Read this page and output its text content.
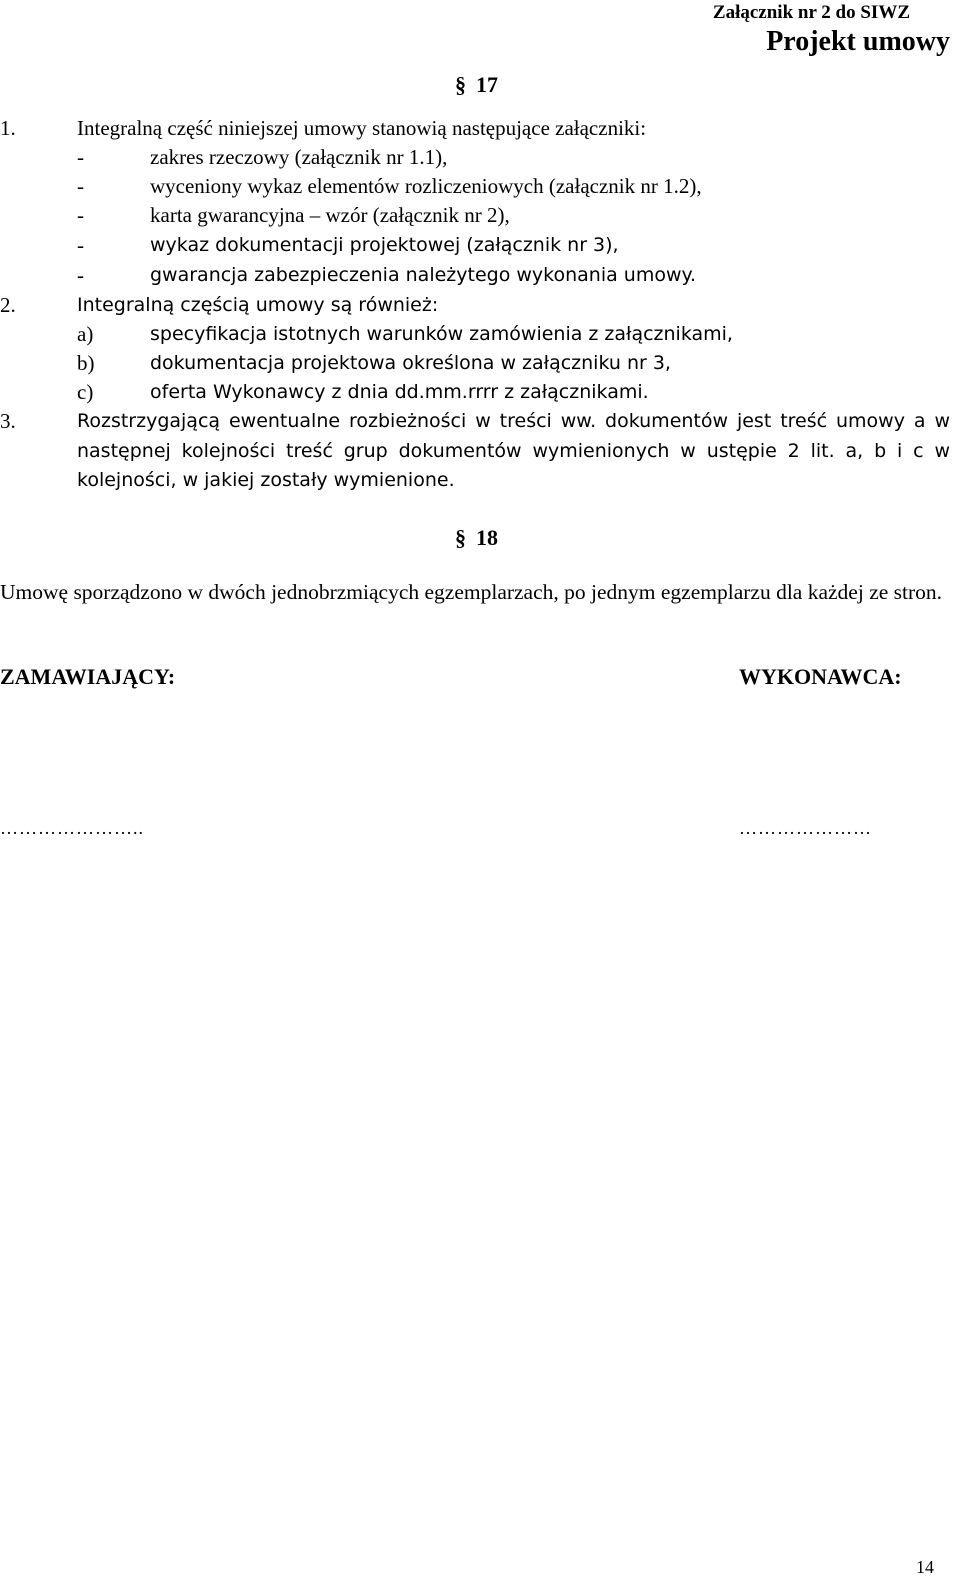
Załącznik nr 2 do SIWZ
Projekt umowy
§ 17
1.	Integralną część niniejszej umowy stanowią następujące załączniki:
-	zakres rzeczowy (załącznik nr 1.1),
-	wyceniony wykaz elementów rozliczeniowych (załącznik nr 1.2),
-	karta gwarancyjna – wzór (załącznik nr 2),
-	wykaz dokumentacji projektowej (załącznik nr 3),
-	gwarancja zabezpieczenia należytego wykonania umowy.
2.	Integralną częścią umowy są również:
a)	specyfikacja istotnych warunków zamówienia z załącznikami,
b)	dokumentacja projektowa określona w załączniku nr 3,
c)	oferta Wykonawcy z dnia dd.mm.rrrr z załącznikami.
3.	Rozstrzygającą ewentualne rozbieżności w treści ww. dokumentów jest treść umowy a w następnej kolejności treść grup dokumentów wymienionych w ustępie 2 lit. a, b i c w kolejności, w jakiej zostały wymienione.
§ 18
Umowę sporządzono w dwóch jednobrzmiących egzemplarzach, po jednym egzemplarzu dla każdej ze stron.
ZAMAWIAJĄCY:	WYKONAWCA:
…………………..	…………………
14
